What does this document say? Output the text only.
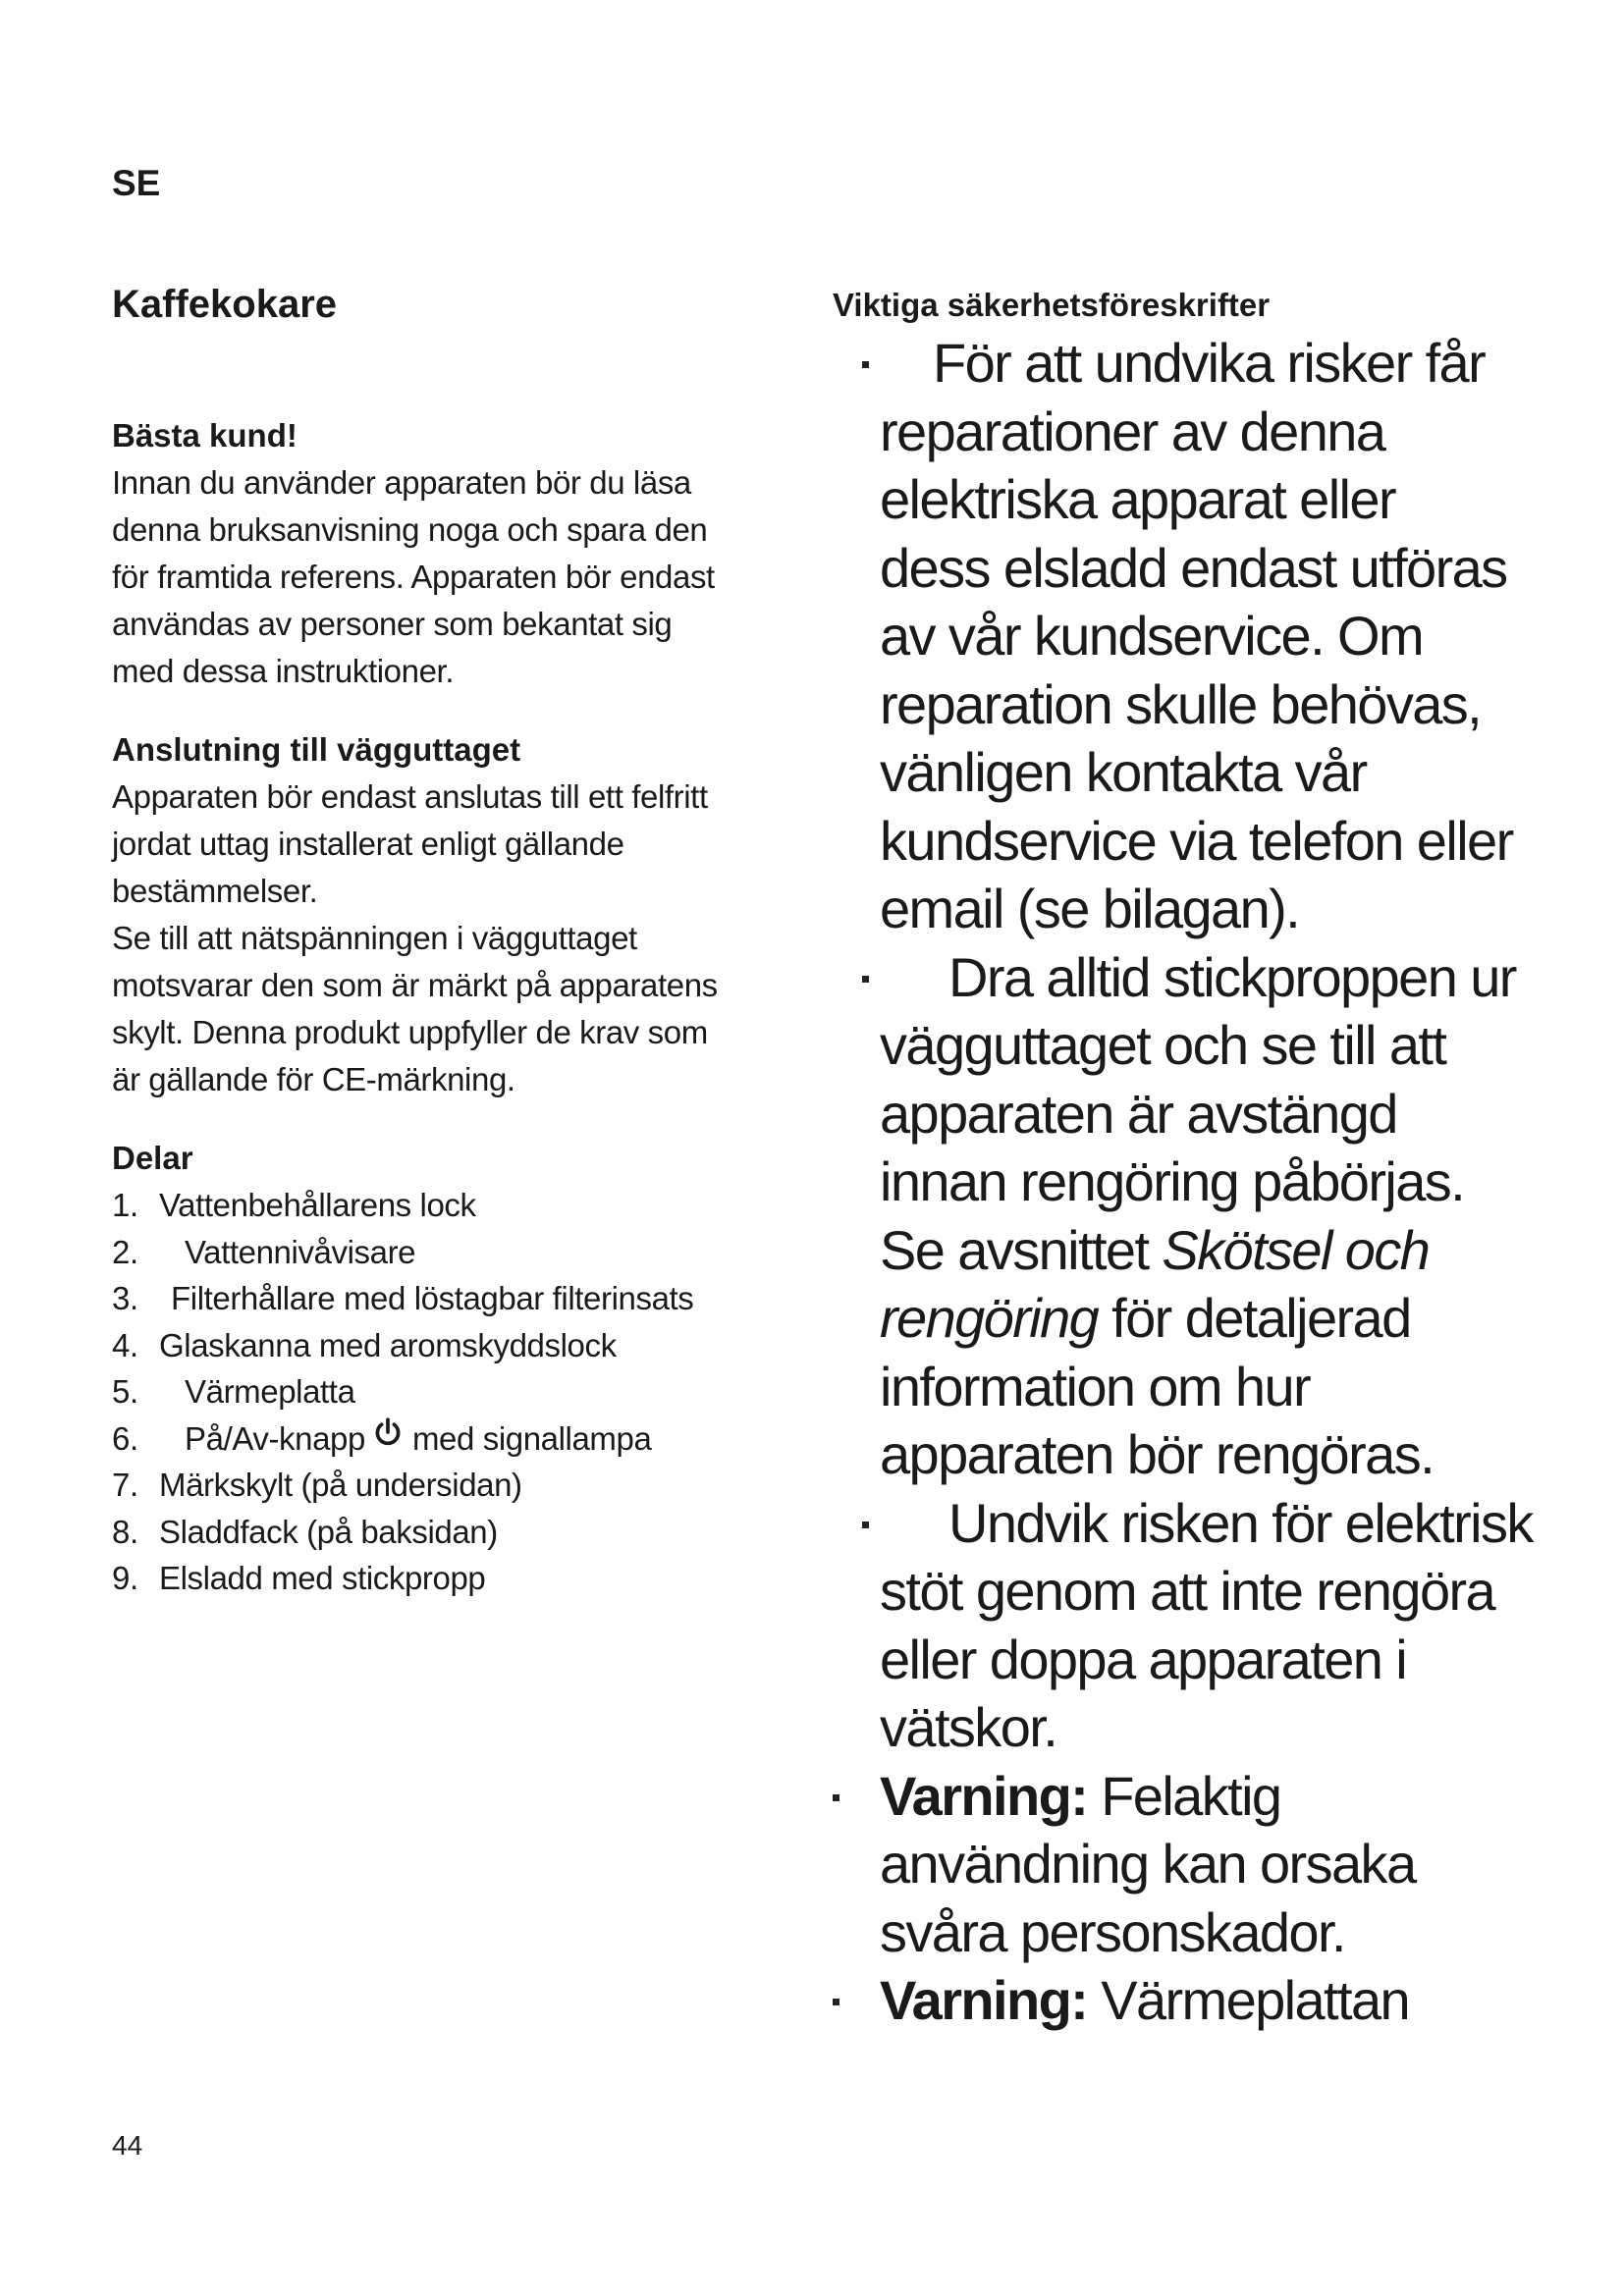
SE
Kaffekokare

Bästa kund!

Innan du använder apparaten bör du läsa

denna bruksanvisning noga och spara den

för framtida referens. Apparaten bör endast

användas av personer som bekantat sig

med dessa instruktioner.

Anslutning till vägguttaget

Apparaten bör endast anslutas till ett felfritt

jordat uttag installerat enligt gällande

bestämmelser.

Se till att nätspänningen i vägguttaget

motsvarar den som är märkt på apparatens

skylt. Denna produkt uppfyller de krav som

är gällande för CE-märkning.

Delar

1. Vattenbehållarens lock
2.	Vattennivåvisare
3.	Filterhållare med löstagbar filterinsats
4. Glaskanna med aromskyddslock
5.	Värmeplatta
6.	På/Av-knapp med signallampa
7. Märkskylt (på undersidan)
8. Sladdfack (på baksidan)
9. Elsladd med stickpropp

Viktiga säkerhetsföreskrifter

För att undvika risker får
reparationer av denna
elektriska apparat eller
dess elsladd endast utföras
av vår kundservice. Om
reparation skulle behövas,
vänligen kontakta vår
kundservice via telefon eller
email (se bilagan).
Dra alltid stickproppen ur
vägguttaget och se till att
apparaten är avstängd
innan rengöring påbörjas.
Se avsnittet Skötsel och
rengöring för detaljerad
information om hur
apparaten bör rengöras.
Undvik risken för elektrisk
stöt genom att inte rengöra
eller doppa apparaten i
vätskor.
Varning: Felaktig
användning kan orsaka
svåra personskador.
Varning: Värmeplattan
44
